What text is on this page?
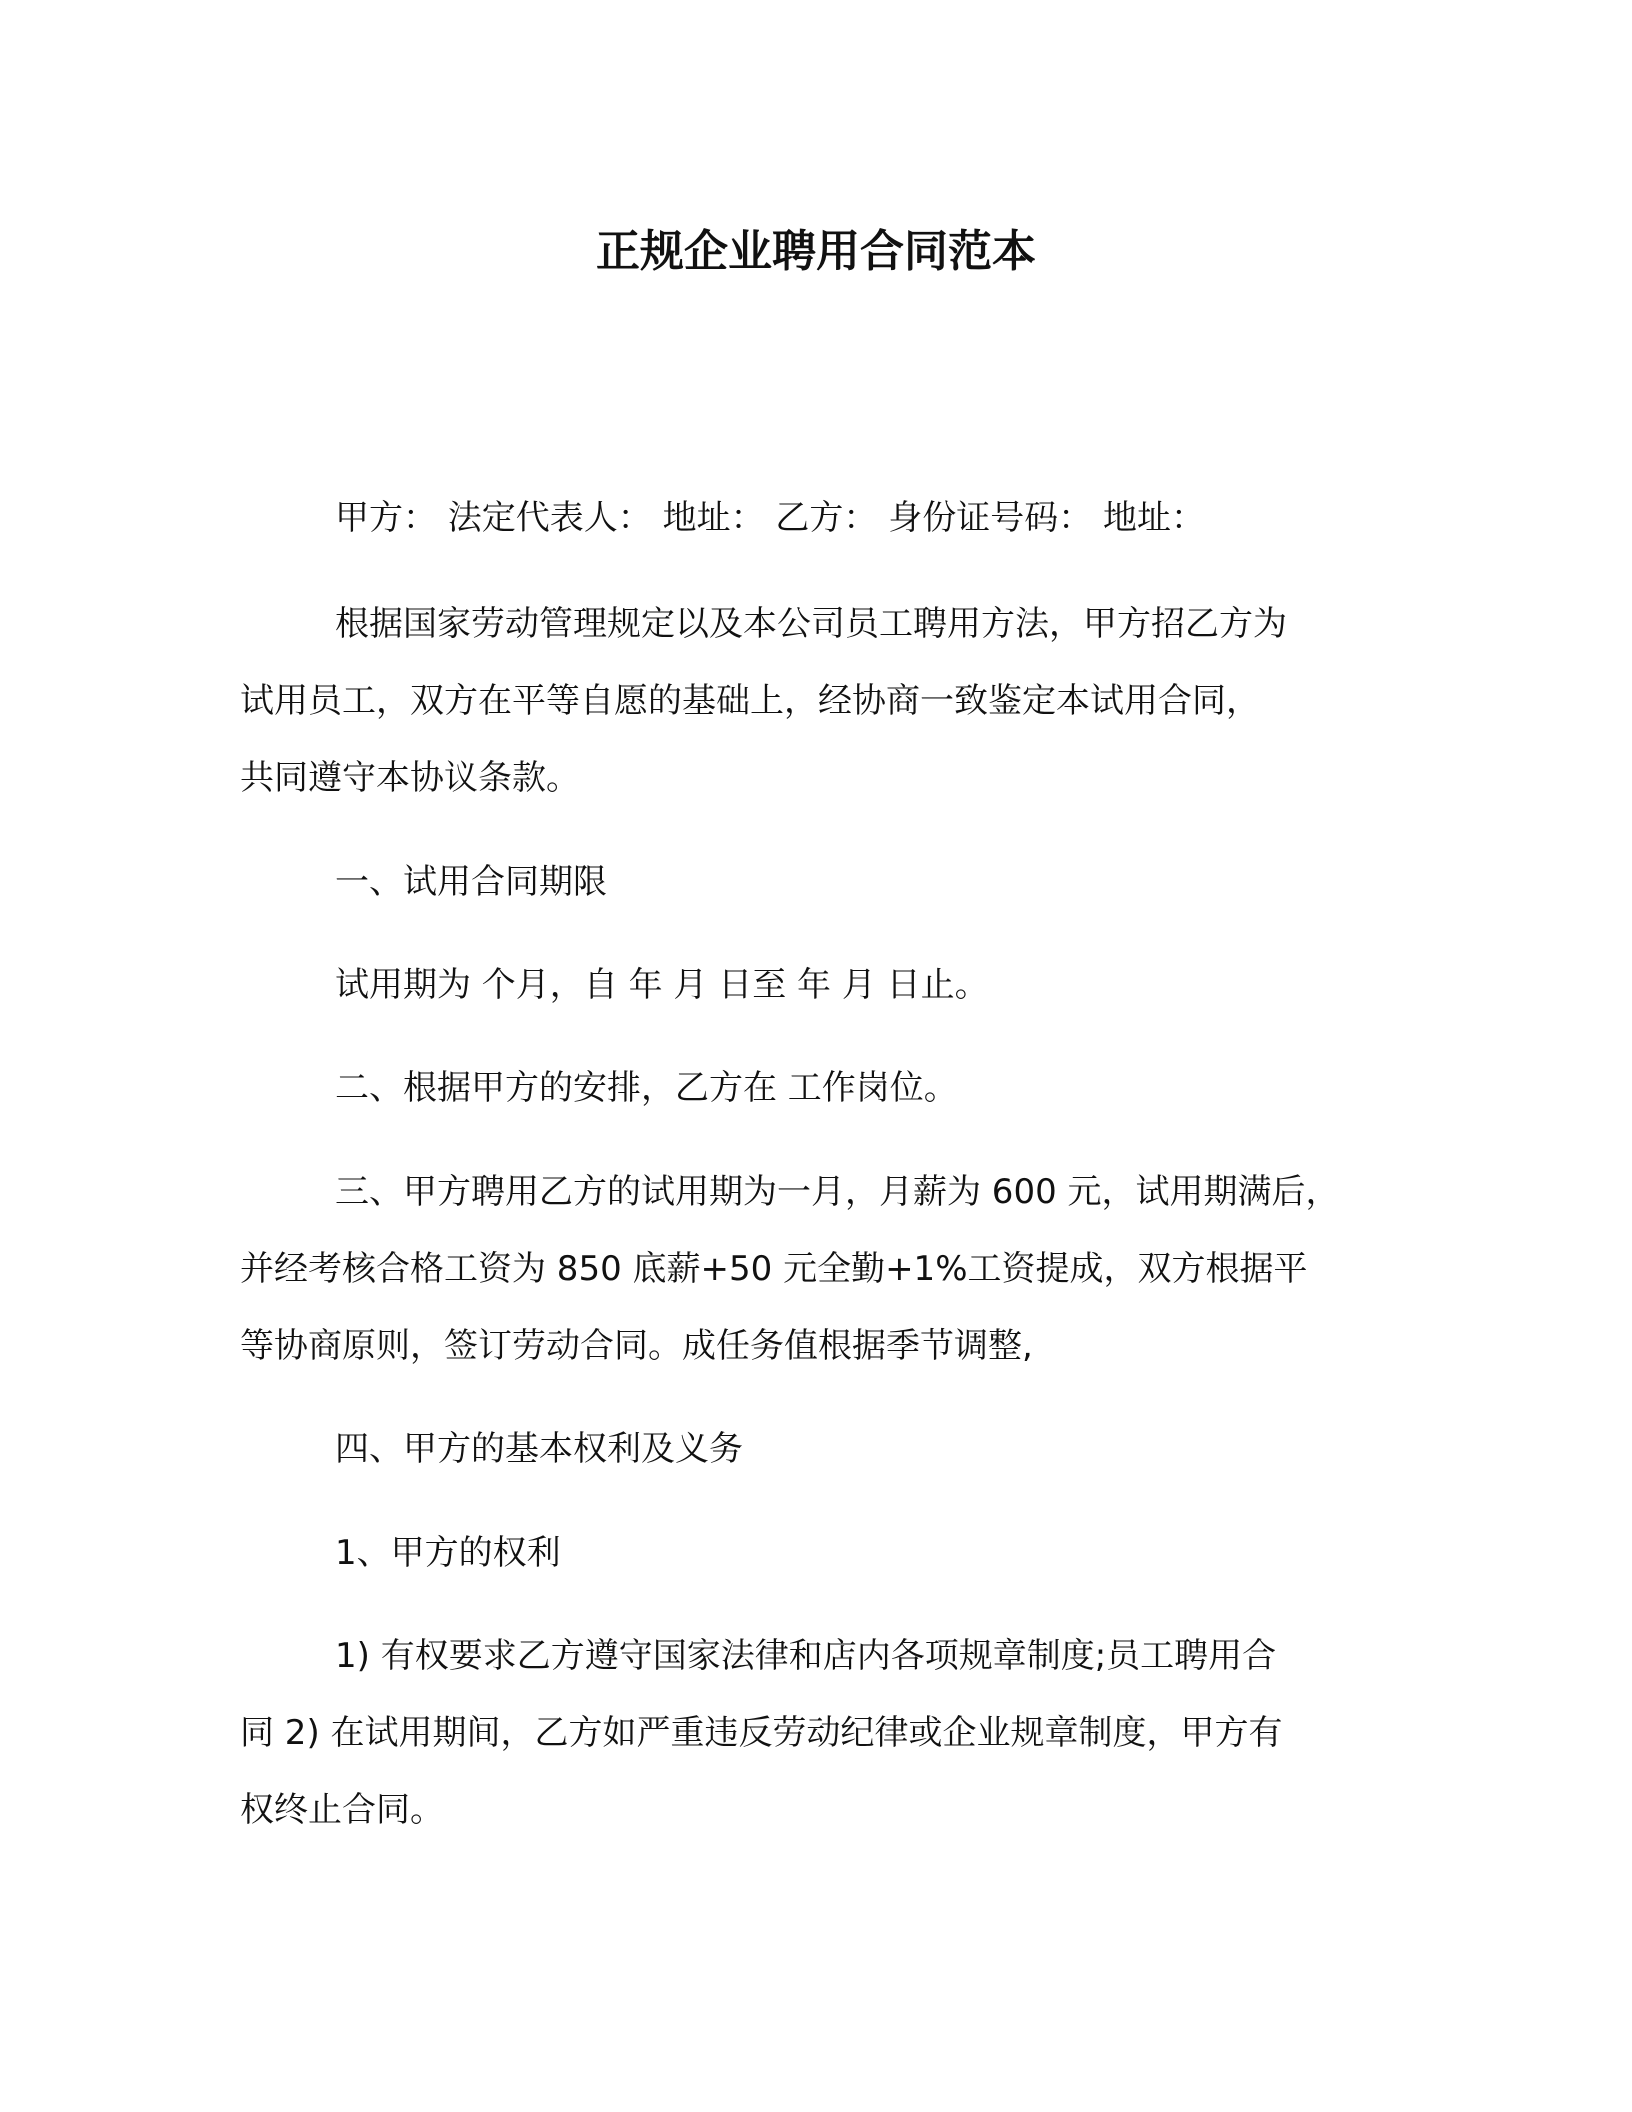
正规企业聘用合同范本
甲方： 法定代表人： 地址： 乙方： 身份证号码： 地址：
根据国家劳动管理规定以及本公司员工聘用方法，甲方招乙方为
试用员工，双方在平等自愿的基础上，经协商一致鉴定本试用合同，
共同遵守本协议条款。
一、试用合同期限
试用期为 个月，自 年 月 日至 年 月 日止。
二、根据甲方的安排，乙方在 工作岗位。
三、甲方聘用乙方的试用期为一月，月薪为 600 元，试用期满后，
并经考核合格工资为 850 底薪+50 元全勤+1%工资提成，双方根据平
等协商原则，签订劳动合同。成任务值根据季节调整,
四、甲方的基本权利及义务
1、甲方的权利
1) 有权要求乙方遵守国家法律和店内各项规章制度;员工聘用合
同 2) 在试用期间，乙方如严重违反劳动纪律或企业规章制度，甲方有
权终止合同。
